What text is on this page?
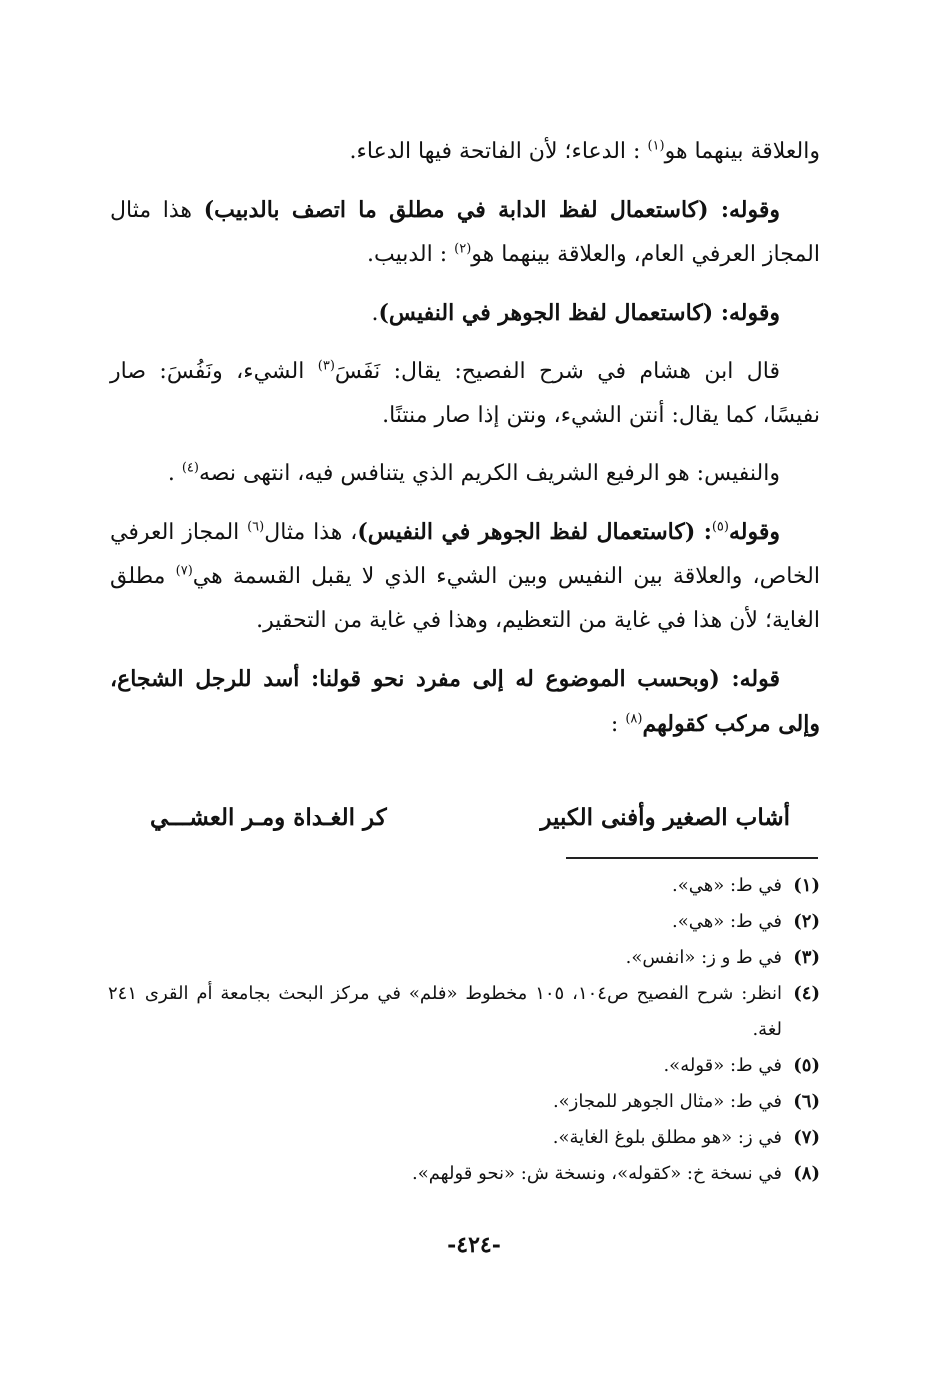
والعلاقة بينهما هو$^{(١)}$ : الدعاء؛ لأن الفاتحة فيها الدعاء.

وقوله: (كاستعمال لفظ الدابة في مطلق ما اتصف بالدبيب) هذا مثال المجاز العرفي العام، والعلاقة بينهما هو$^{(٢)}$ : الدبيب.

وقوله: (كاستعمال لفظ الجوهر في النفيس).

قال ابن هشام في شرح الفصيح: يقال: نَفَسَ$^{(٣)}$ الشيء، ونَفُسَ: صار نفيسًا، كما يقال: أنتن الشيء، ونتن إذا صار منتنًا.

والنفيس: هو الرفيع الشريف الكريم الذي يتنافس فيه، انتهى نصه$^{(٤)}$ .

وقوله$^{(٥)}$: (كاستعمال لفظ الجوهر في النفيس)، هذا مثال$^{(٦)}$ المجاز العرفي الخاص، والعلاقة بين النفيس وبين الشيء الذي لا يقبل القسمة هي$^{(٧)}$ مطلق الغاية؛ لأن هذا في غاية من التعظيم، وهذا في غاية من التحقير.

قوله: (وبحسب الموضوع له إلى مفرد نحو قولنا: أسد للرجل الشجاع، وإلى مركب كقولهم$^{(٨)}$ :

أشاب الصغير وأفنى الكبير
كر الغـداة ومـر العشـــي
(١)
في ط: «هي».
(٢)
في ط: «هي».
(٣)
في ط و ز: «انفس».
(٤)
انظر: شرح الفصيح ص١٠٤، ١٠٥ مخطوط «فلم» في مركز البحث بجامعة أم القرى ٢٤١ لغة.
(٥)
في ط: «قوله».
(٦)
في ط: «مثال الجوهر للمجاز».
(٧)
في ز: «هو مطلق بلوغ الغاية».
(٨)
في نسخة خ: «كقوله»، ونسخة ش: «نحو قولهم».
-٤٢٤-
